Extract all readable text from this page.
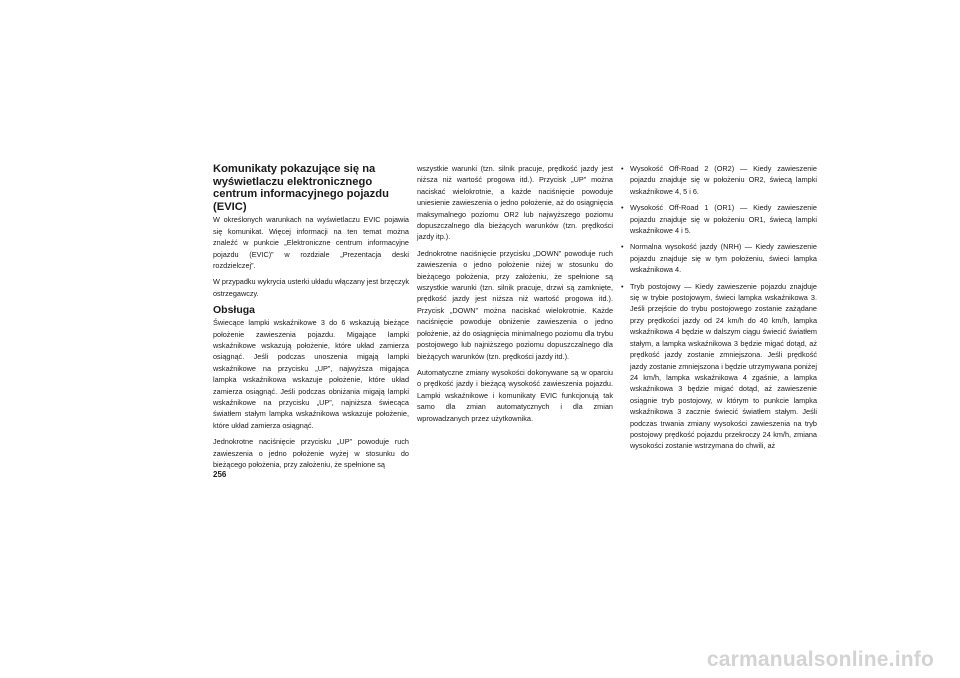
Komunikaty pokazujące się na wyświetlaczu elektronicznego centrum informacyjnego pojazdu (EVIC)

W określonych warunkach na wyświetlaczu EVIC pojawia się komunikat. Więcej informacji na ten temat można znaleźć w punkcie „Elektroniczne centrum informacyjne pojazdu (EVIC)” w rozdziale „Prezentacja deski rozdzielczej”.

W przypadku wykrycia usterki układu włączany jest brzęczyk ostrzegawczy.

Obsługa

Świecące lampki wskaźnikowe 3 do 6 wskazują bieżące położenie zawieszenia pojazdu. Migające lampki wskaźnikowe wskazują położenie, które układ zamierza osiągnąć. Jeśli podczas unoszenia migają lampki wskaźnikowe na przycisku „UP”, najwyższa migająca lampka wskaźnikowa wskazuje położenie, które układ zamierza osiągnąć. Jeśli podczas obniżania migają lampki wskaźnikowe na przycisku „UP”, najniższa świecąca światłem stałym lampka wskaźnikowa wskazuje położenie, które układ zamierza osiągnąć.

Jednokrotne naciśnięcie przycisku „UP” powoduje ruch zawieszenia o jedno położenie wyżej w stosunku do bieżącego położenia, przy założeniu, że spełnione są

wszystkie warunki (tzn. silnik pracuje, prędkość jazdy jest niższa niż wartość progowa itd.). Przycisk „UP” można naciskać wielokrotnie, a każde naciśnięcie powoduje uniesienie zawieszenia o jedno położenie, aż do osiągnięcia maksymalnego poziomu OR2 lub najwyższego poziomu dopuszczalnego dla bieżących warunków (tzn. prędkości jazdy itp.).

Jednokrotne naciśnięcie przycisku „DOWN” powoduje ruch zawieszenia o jedno położenie niżej w stosunku do bieżącego położenia, przy założeniu, że spełnione są wszystkie warunki (tzn. silnik pracuje, drzwi są zamknięte, prędkość jazdy jest niższa niż wartość progowa itd.). Przycisk „DOWN” można naciskać wielokrotnie. Każde naciśnięcie powoduje obniżenie zawieszenia o jedno położenie, aż do osiągnięcia minimalnego poziomu dla trybu postojowego lub najniższego poziomu dopuszczalnego dla bieżących warunków (tzn. prędkości jazdy itd.).

Automatyczne zmiany wysokości dokonywane są w oparciu o prędkość jazdy i bieżącą wysokość zawieszenia pojazdu. Lampki wskaźnikowe i komunikaty EVIC funkcjonują tak samo dla zmian automatycznych i dla zmian wprowadzanych przez użytkownika.

• Wysokość Off-Road 2 (OR2) — Kiedy zawieszenie pojazdu znajduje się w położeniu OR2, świecą lampki wskaźnikowe 4, 5 i 6.
• Wysokość Off-Road 1 (OR1) — Kiedy zawieszenie pojazdu znajduje się w położeniu OR1, świecą lampki wskaźnikowe 4 i 5.
• Normalna wysokość jazdy (NRH) — Kiedy zawieszenie pojazdu znajduje się w tym położeniu, świeci lampka wskaźnikowa 4.
• Tryb postojowy — Kiedy zawieszenie pojazdu znajduje się w trybie postojowym, świeci lampka wskaźnikowa 3. Jeśli przejście do trybu postojowego zostanie zażądane przy prędkości jazdy od 24 km/h do 40 km/h, lampka wskaźnikowa 4 będzie w dalszym ciągu świecić światłem stałym, a lampka wskaźnikowa 3 będzie migać dotąd, aż prędkość jazdy zostanie zmniejszona. Jeśli prędkość jazdy zostanie zmniejszona i będzie utrzymywana poniżej 24 km/h, lampka wskaźnikowa 4 zgaśnie, a lampka wskaźnikowa 3 będzie migać dotąd, aż zawieszenie osiągnie tryb postojowy, w którym to punkcie lampka wskaźnikowa 3 zacznie świecić światłem stałym. Jeśli podczas trwania zmiany wysokości zawieszenia na tryb postojowy prędkość pojazdu przekroczy 24 km/h, zmiana wysokości zostanie wstrzymana do chwili, aż
256
carmanualsonline.info
